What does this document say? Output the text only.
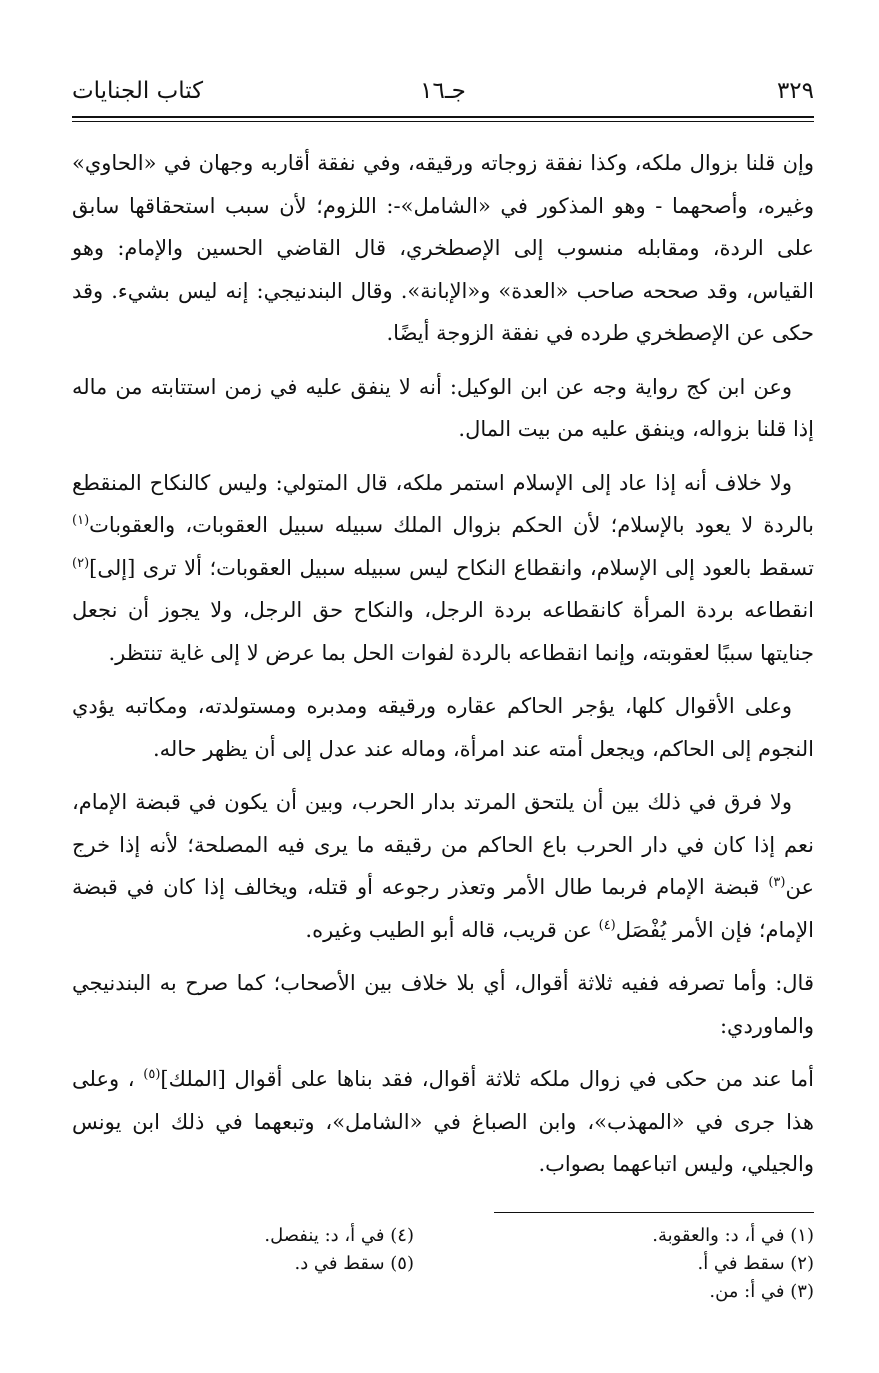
كتاب الجنايات	جـ١٦	٣٢٩

وإن قلنا بزوال ملكه، وكذا نفقة زوجاته ورقيقه، وفي نفقة أقاربه وجهان في «الحاوي» وغيره، وأصحهما - وهو المذكور في «الشامل»-: اللزوم؛ لأن سبب استحقاقها سابق على الردة، ومقابله منسوب إلى الإصطخري، قال القاضي الحسين والإمام: وهو القياس، وقد صححه صاحب «العدة» و«الإبانة». وقال البندنيجي: إنه ليس بشيء. وقد حكى عن الإصطخري طرده في نفقة الزوجة أيضًا.

وعن ابن كج رواية وجه عن ابن الوكيل: أنه لا ينفق عليه في زمن استتابته من ماله إذا قلنا بزواله، وينفق عليه من بيت المال.

ولا خلاف أنه إذا عاد إلى الإسلام استمر ملكه، قال المتولي: وليس كالنكاح المنقطع بالردة لا يعود بالإسلام؛ لأن الحكم بزوال الملك سبيله سبيل العقوبات، والعقوبات$^{(١)}$ تسقط بالعود إلى الإسلام، وانقطاع النكاح ليس سبيله سبيل العقوبات؛ ألا ترى [إلى]$^{(٢)}$ انقطاعه بردة المرأة كانقطاعه بردة الرجل، والنكاح حق الرجل، ولا يجوز أن نجعل جنايتها سببًا لعقوبته، وإنما انقطاعه بالردة لفوات الحل بما عرض لا إلى غاية تنتظر.

وعلى الأقوال كلها، يؤجر الحاكم عقاره ورقيقه ومدبره ومستولدته، ومكاتبه يؤدي النجوم إلى الحاكم، ويجعل أمته عند امرأة، وماله عند عدل إلى أن يظهر حاله.

ولا فرق في ذلك بين أن يلتحق المرتد بدار الحرب، وبين أن يكون في قبضة الإمام، نعم إذا كان في دار الحرب باع الحاكم من رقيقه ما يرى فيه المصلحة؛ لأنه إذا خرج عن$^{(٣)}$ قبضة الإمام فربما طال الأمر وتعذر رجوعه أو قتله، ويخالف إذا كان في قبضة الإمام؛ فإن الأمر يُفْصَل$^{(٤)}$ عن قريب، قاله أبو الطيب وغيره.

قال: وأما تصرفه ففيه ثلاثة أقوال، أي بلا خلاف بين الأصحاب؛ كما صرح به البندنيجي والماوردي:

أما عند من حكى في زوال ملكه ثلاثة أقوال، فقد بناها على أقوال [الملك]$^{(٥)}$ ، وعلى هذا جرى في «المهذب»، وابن الصباغ في «الشامل»، وتبعهما في ذلك ابن يونس والجيلي، وليس اتباعهما بصواب.

(١) في أ، د: والعقوبة.
(٢) سقط في أ.
(٣) في أ: من.
(٤) في أ، د: ينفصل.
(٥) سقط في د.
